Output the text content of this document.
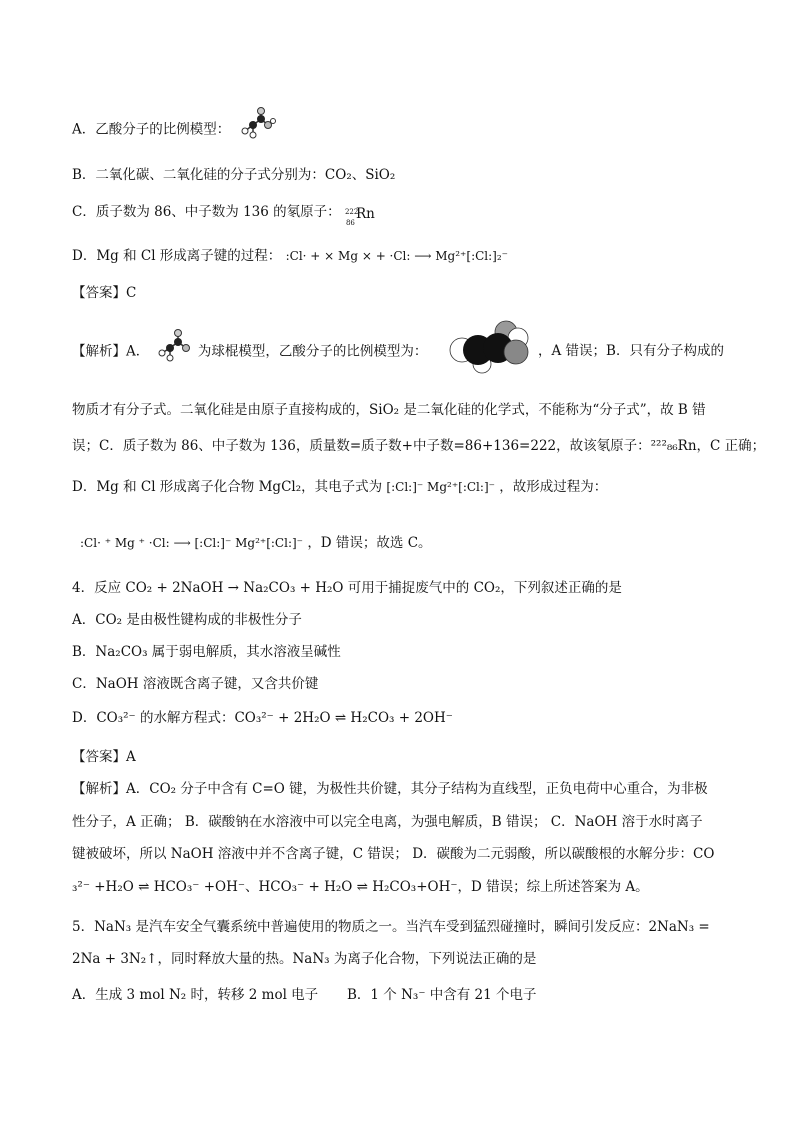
A．乙酸分子的比例模型：
B．二氧化碳、二氧化硅的分子式分别为：CO₂、SiO₂
C．质子数为 86、中子数为 136 的氡原子： 222
86
Rn
D．Mg 和 Cl 形成离子键的过程： :Cl· + × Mg × + ·Cl: ⟶ Mg²⁺[:Cl:]₂⁻
【答案】C
【解析】A．	为球棍模型，乙酸分子的比例模型为：	，A 错误；B．只有分子构成的
物质才有分子式。二氧化硅是由原子直接构成的，SiO₂ 是二氧化硅的化学式，不能称为“分子式”，故 B 错
误；C．质子数为 86、中子数为 136，质量数=质子数+中子数=86+136=222，故该氡原子：²²²₈₆Rn，C 正确；
D．Mg 和 Cl 形成离子化合物 MgCl₂，其电子式为 [:Cl:]⁻ Mg²⁺[:Cl:]⁻ ，故形成过程为：
:Cl· ⁺ Mg ⁺ ·Cl: ⟶ [:Cl:]⁻ Mg²⁺[:Cl:]⁻ ，D 错误；故选 C。
4．反应 CO₂ + 2NaOH → Na₂CO₃ + H₂O 可用于捕捉废气中的 CO₂，下列叙述正确的是
A．CO₂ 是由极性键构成的非极性分子
B．Na₂CO₃ 属于弱电解质，其水溶液呈碱性
C．NaOH 溶液既含离子键，又含共价键
D．CO₃²⁻ 的水解方程式：CO₃²⁻ + 2H₂O ⇌ H₂CO₃ + 2OH⁻
【答案】A
【解析】A．CO₂ 分子中含有 C=O 键，为极性共价键，其分子结构为直线型，正负电荷中心重合，为非极
性分子，A 正确； B．碳酸钠在水溶液中可以完全电离，为强电解质，B 错误； C．NaOH 溶于水时离子
键被破坏，所以 NaOH 溶液中并不含离子键，C 错误； D．碳酸为二元弱酸，所以碳酸根的水解分步：CO
₃²⁻ +H₂O ⇌ HCO₃⁻ +OH⁻、HCO₃⁻ + H₂O ⇌ H₂CO₃+OH⁻，D 错误；综上所述答案为 A。
5．NaN₃ 是汽车安全气囊系统中普遍使用的物质之一。当汽车受到猛烈碰撞时，瞬间引发反应：2NaN₃ =
2Na + 3N₂↑，同时释放大量的热。NaN₃ 为离子化合物，下列说法正确的是
A．生成 3 mol N₂ 时，转移 2 mol 电子 B．1 个 N₃⁻ 中含有 21 个电子
